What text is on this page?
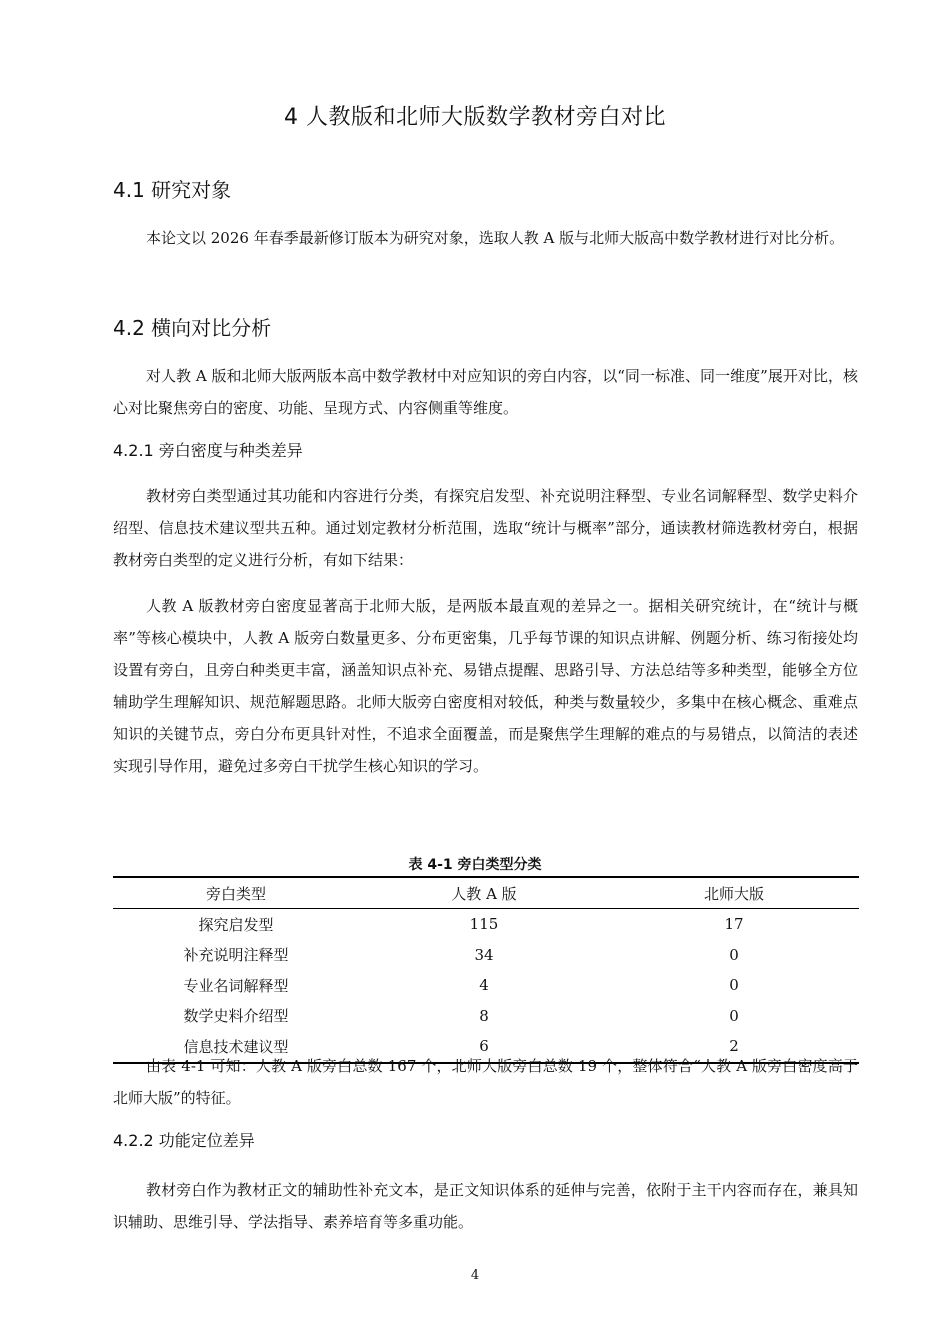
4 人教版和北师大版数学教材旁白对比
4.1 研究对象
本论文以 2026 年春季最新修订版本为研究对象，选取人教 A 版与北师大版高中数学教材进行对比分析。
4.2 横向对比分析
对人教 A 版和北师大版两版本高中数学教材中对应知识的旁白内容，以“同一标准、同一维度”展开对比，核心对比聚焦旁白的密度、功能、呈现方式、内容侧重等维度。
4.2.1 旁白密度与种类差异
教材旁白类型通过其功能和内容进行分类，有探究启发型、补充说明注释型、专业名词解释型、数学史料介绍型、信息技术建议型共五种。通过划定教材分析范围，选取“统计与概率”部分，通读教材筛选教材旁白，根据教材旁白类型的定义进行分析，有如下结果：
人教 A 版教材旁白密度显著高于北师大版，是两版本最直观的差异之一。据相关研究统计，在“统计与概率”等核心模块中，人教 A 版旁白数量更多、分布更密集，几乎每节课的知识点讲解、例题分析、练习衔接处均设置有旁白，且旁白种类更丰富，涵盖知识点补充、易错点提醒、思路引导、方法总结等多种类型，能够全方位辅助学生理解知识、规范解题思路。北师大版旁白密度相对较低，种类与数量较少，多集中在核心概念、重难点知识的关键节点，旁白分布更具针对性，不追求全面覆盖，而是聚焦学生理解的难点的与易错点，以简洁的表述实现引导作用，避免过多旁白干扰学生核心知识的学习。
表 4-1 旁白类型分类
旁白类型	人教 A 版	北师大版
探究启发型	115	17
补充说明注释型	34	0
专业名词解释型	4	0
数学史料介绍型	8	0
信息技术建议型	6	2
由表 4-1 可知：人教 A 版旁白总数 167 个，北师大版旁白总数 19 个，整体符合“人教 A 版旁白密度高于北师大版”的特征。
4.2.2 功能定位差异
教材旁白作为教材正文的辅助性补充文本，是正文知识体系的延伸与完善，依附于主干内容而存在，兼具知识辅助、思维引导、学法指导、素养培育等多重功能。
4
